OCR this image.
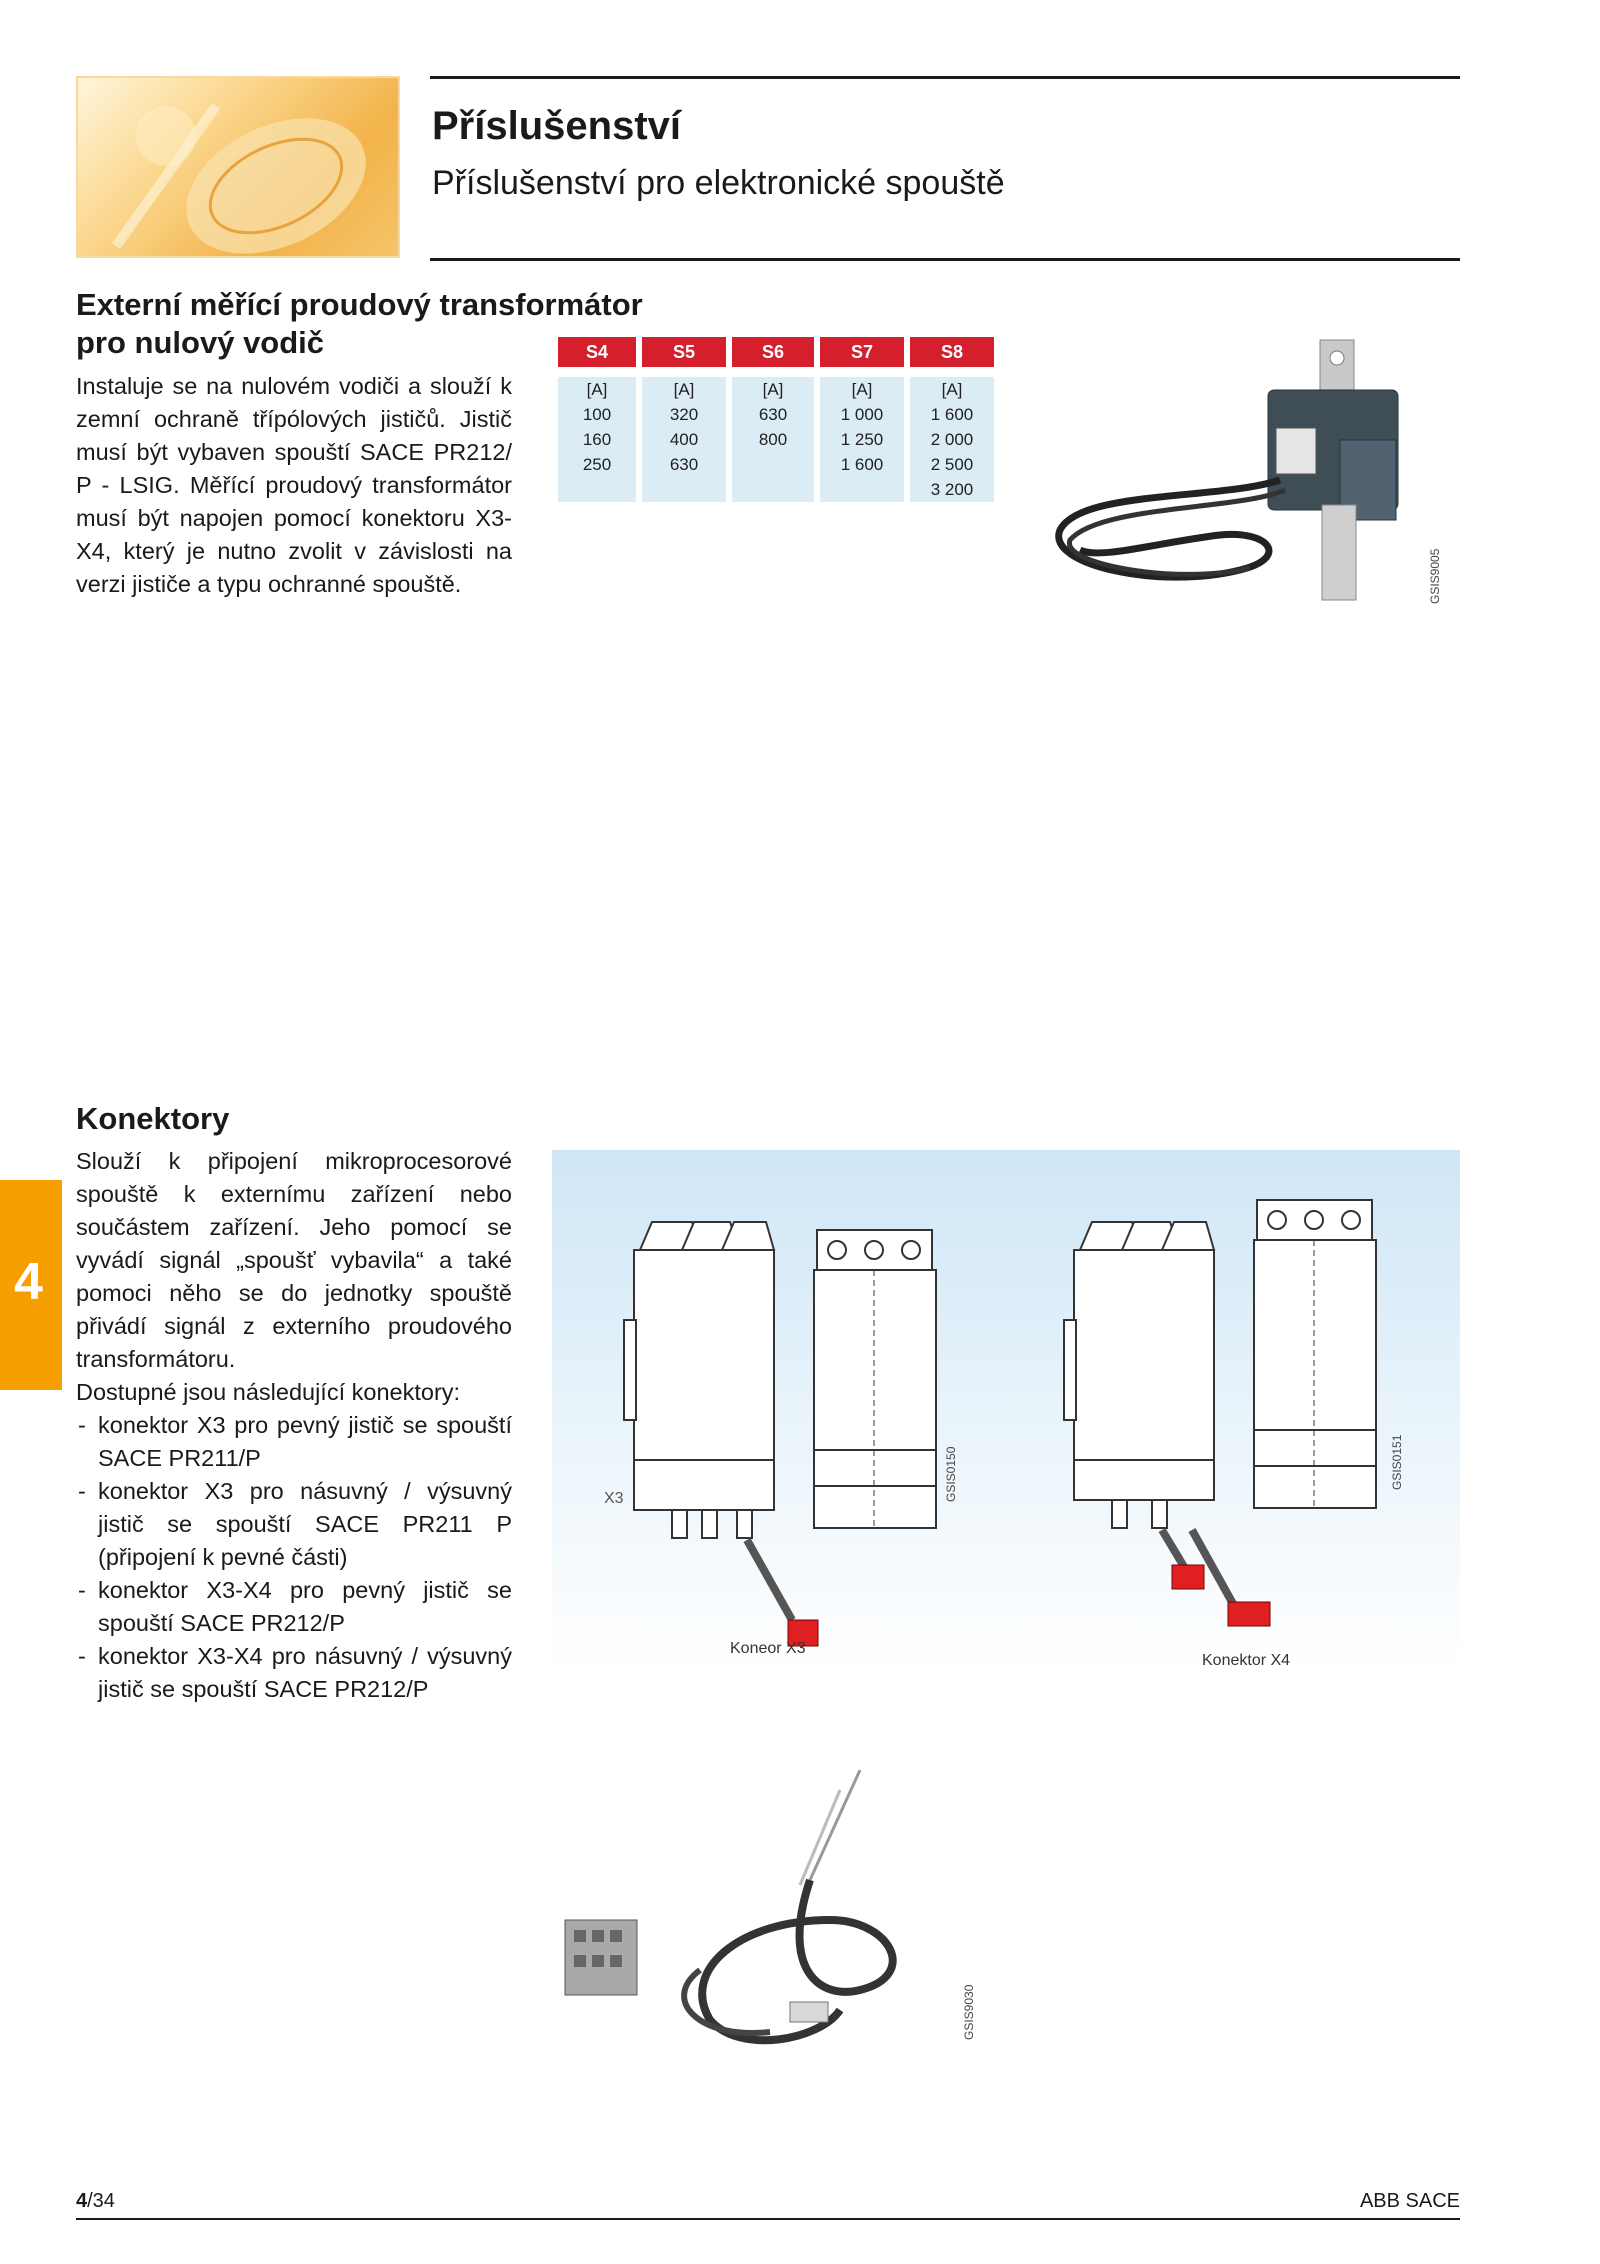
Příslušenství
Příslušenství pro elektronické spouště
Externí měřící proudový transformátor
pro nulový vodič
Instaluje se na nulovém vodiči a slouží k zemní ochraně třípólových jističů. Jistič musí být vybaven spouští SACE PR212/ P - LSIG. Měřící proudový transformátor musí být napojen pomocí konektoru X3-X4, který je nutno zvolit v závislosti na verzi jističe a typu ochranné spouště.
S4	S5	S6	S7	S8

[A]	[A]	[A]	[A]	[A]
100	320	630	1 000	1 600
160	400	800	1 250	2 000
250	630		1 600	2 500
				3 200
GSIS9005
4
Konektory

Slouží k připojení mikroprocesorové spouště k externímu zařízení nebo součástem zařízení. Jeho pomocí se vyvádí signál „spoušť vybavila“ a také pomoci něho se do jednotky spouště přivádí signál z externího proudového transformátoru.

Dostupné jsou následující konektory:

- konektor X3 pro pevný jistič se spouští SACE PR211/P
- konektor X3 pro násuvný / výsuvný jistič se spouští SACE PR211 P (připojení k pevné části)
- konektor X3-X4 pro pevný jistič se spouští SACE PR212/P
- konektor X3-X4 pro násuvný / výsuvný jistič se spouští SACE PR212/P
X3	GSIS0150	GSIS0151
Koneor X3
Konektor X4
GSIS9030
4/34	ABB SACE
